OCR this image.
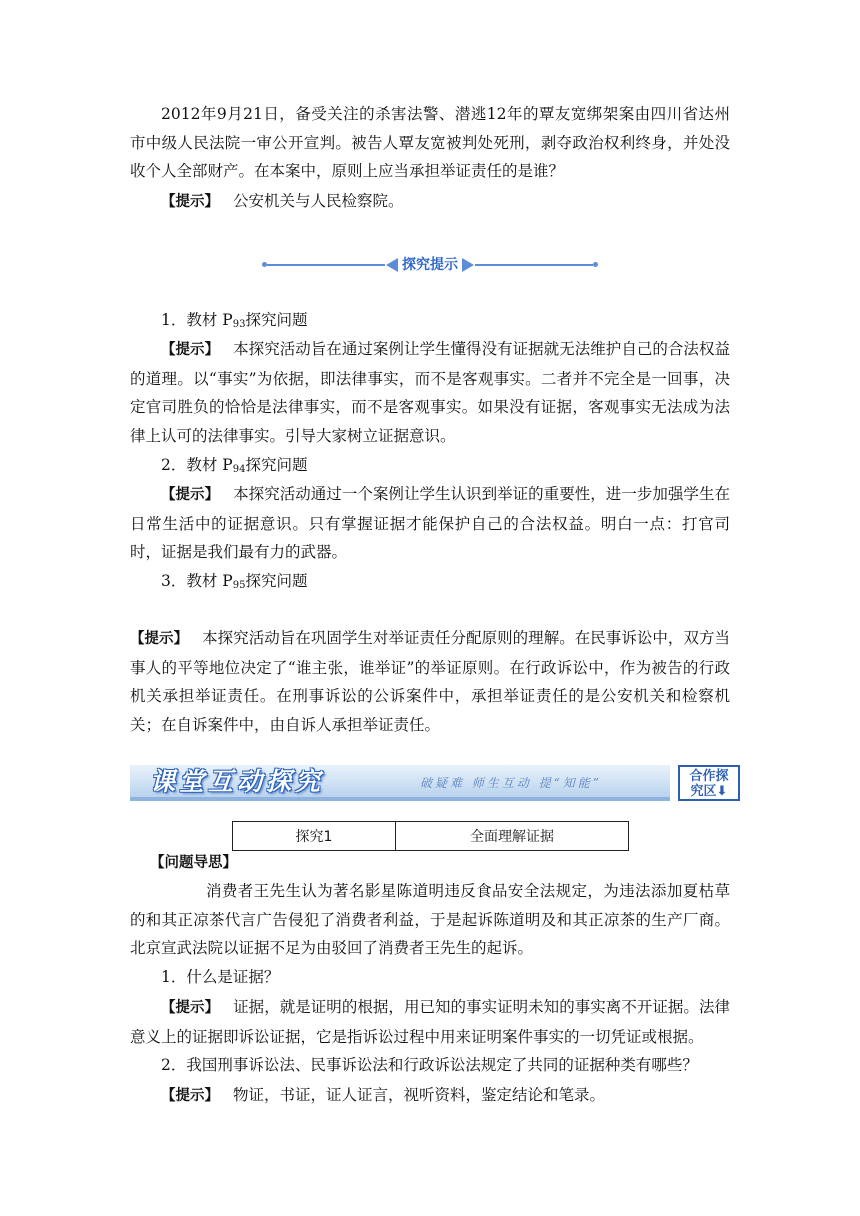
2012年9月21日，备受关注的杀害法警、潜逃12年的覃友宽绑架案由四川省达州市中级人民法院一审公开宣判。被告人覃友宽被判处死刑，剥夺政治权利终身，并处没收个人全部财产。在本案中，原则上应当承担举证责任的是谁？

【提示】 公安机关与人民检察院。

探究提示

1．教材 $P_{93}$探究问题

【提示】 本探究活动旨在通过案例让学生懂得没有证据就无法维护自己的合法权益的道理。以“事实”为依据，即法律事实，而不是客观事实。二者并不完全是一回事，决定官司胜负的恰恰是法律事实，而不是客观事实。如果没有证据，客观事实无法成为法律上认可的法律事实。引导大家树立证据意识。

2．教材 $P_{94}$探究问题

【提示】 本探究活动通过一个案例让学生认识到举证的重要性，进一步加强学生在日常生活中的证据意识。只有掌握证据才能保护自己的合法权益。明白一点：打官司时，证据是我们最有力的武器。

3．教材 $P_{95}$探究问题

【提示】 本探究活动旨在巩固学生对举证责任分配原则的理解。在民事诉讼中，双方当事人的平等地位决定了“谁主张，谁举证”的举证原则。在行政诉讼中，作为被告的行政机关承担举证责任。在刑事诉讼的公诉案件中，承担举证责任的是公安机关和检察机关；在自诉案件中，由自诉人承担举证责任。

课堂互动探究	破疑难 师生互动 提“知能”	合作探
究区⬇
探究1	全面理解证据

【问题导思】

消费者王先生认为著名影星陈道明违反食品安全法规定，为违法添加夏枯草的和其正凉茶代言广告侵犯了消费者利益，于是起诉陈道明及和其正凉茶的生产厂商。北京宣武法院以证据不足为由驳回了消费者王先生的起诉。

1．什么是证据？

【提示】 证据，就是证明的根据，用已知的事实证明未知的事实离不开证据。法律意义上的证据即诉讼证据，它是指诉讼过程中用来证明案件事实的一切凭证或根据。

2．我国刑事诉讼法、民事诉讼法和行政诉讼法规定了共同的证据种类有哪些？

【提示】 物证，书证，证人证言，视听资料，鉴定结论和笔录。
